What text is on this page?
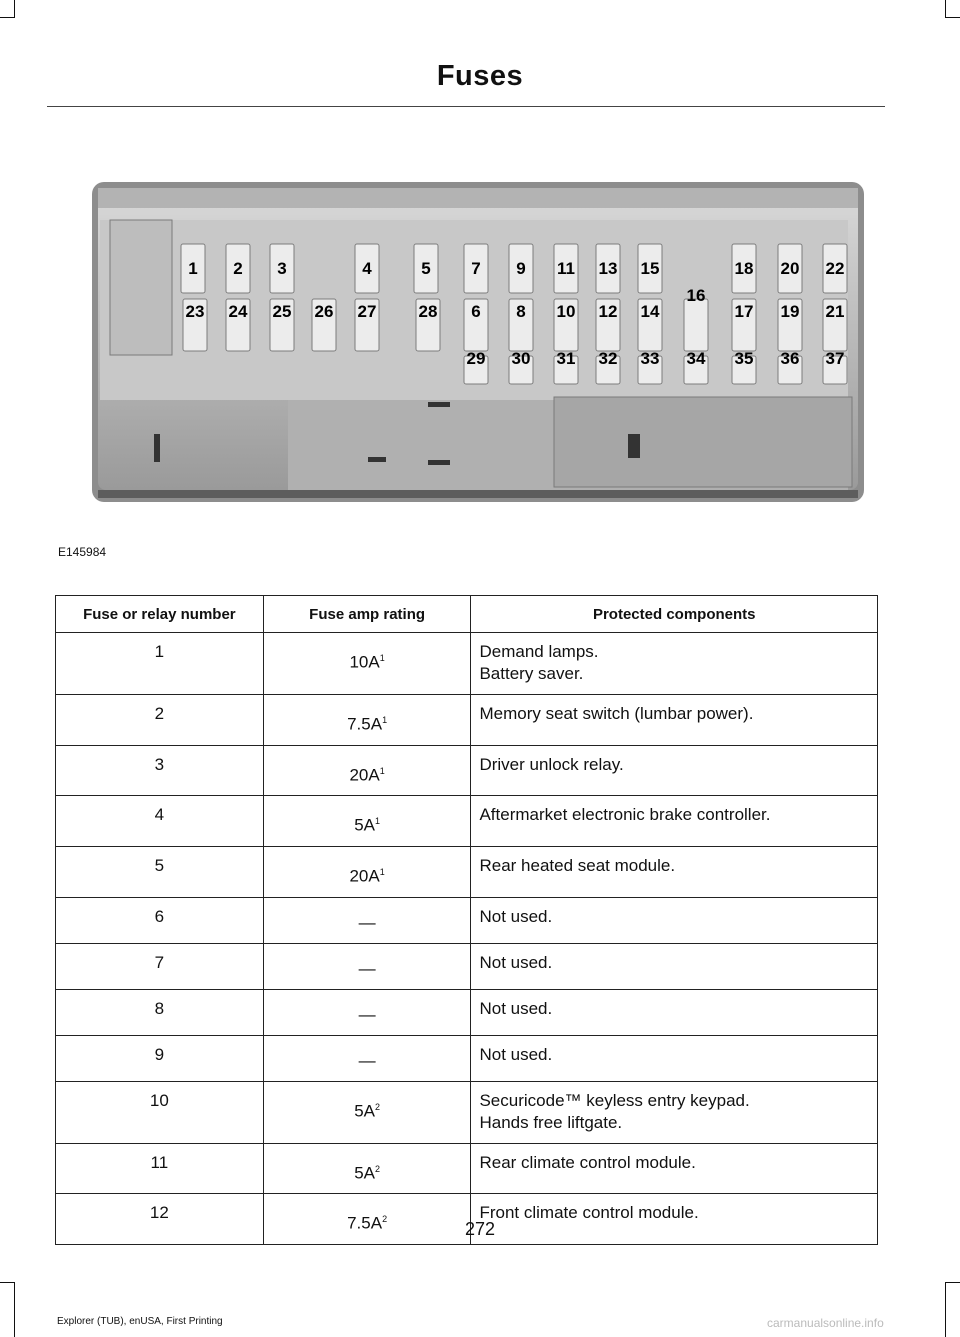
Fuses
1 2 3	4	5 7 9 11 13 15	18 20 22
23 24 25 26 27 28 6 8 10 12 14
16
17 19 21
29 30 31 32 33 34 35 36 37
E145984
Fuse or relay number	Fuse amp rating	Protected components
1	$10A^1$	Demand lamps.
Battery saver.

2	$7.5A^1$	Memory seat switch (lumbar power).

3	$20A^1$	Driver unlock relay.

4	$5A^1$	Aftermarket electronic brake controller.

5	$20A^1$	Rear heated seat module.

6	—	Not used.

7	—	Not used.

8	—	Not used.

9	—	Not used.

10	$5A^2$	Securicode™ keyless entry keypad.
Hands free liftgate.

11	$5A^2$	Rear climate control module.

12	$7.5A^2$	Front climate control module.
272
Explorer (TUB), enUSA, First Printing	carmanualsonline.info
